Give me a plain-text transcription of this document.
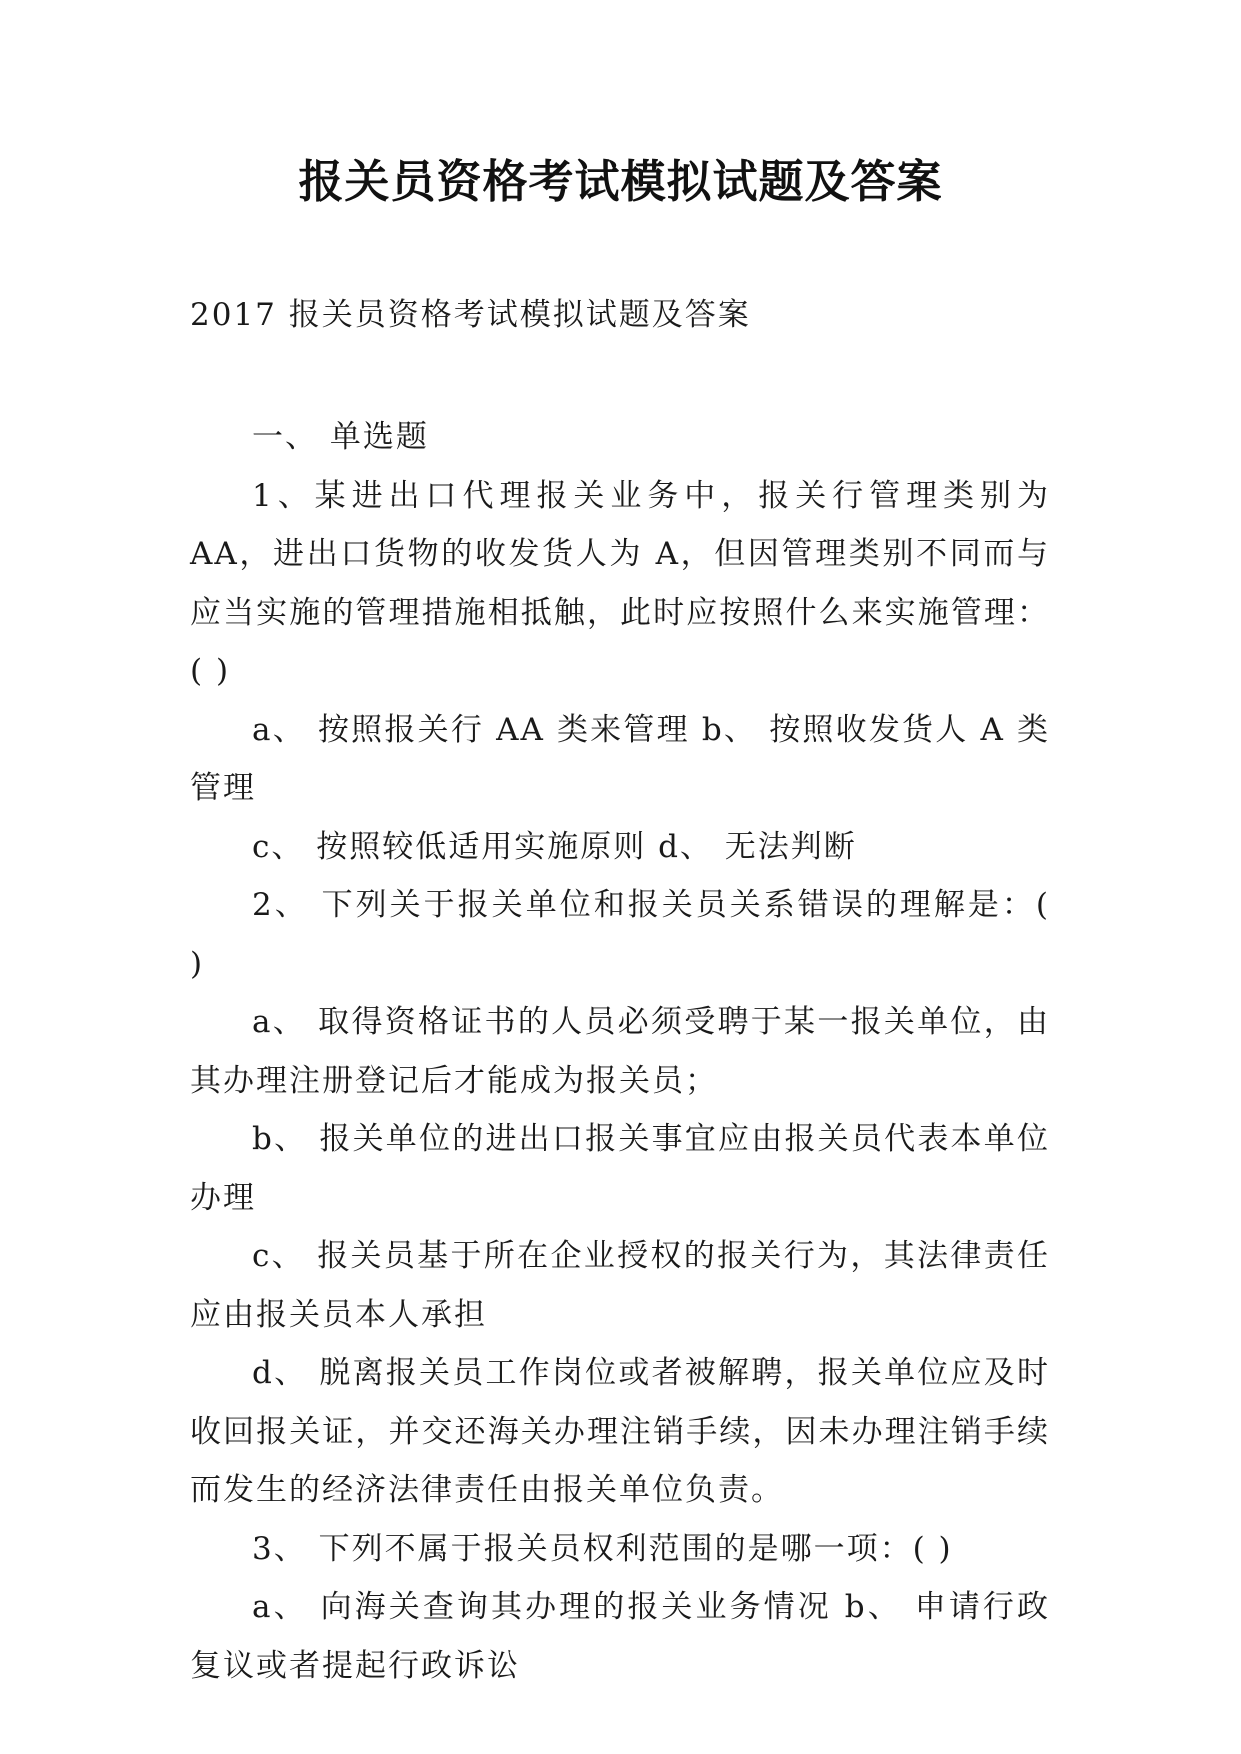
报关员资格考试模拟试题及答案
2017 报关员资格考试模拟试题及答案

一、 单选题

1、某进出口代理报关业务中，报关行管理类别为 AA，进出口货物的收发货人为 A，但因管理类别不同而与应当实施的管理措施相抵触，此时应按照什么来实施管理：( )

a、 按照报关行 AA 类来管理 b、 按照收发货人 A 类管理

c、 按照较低适用实施原则 d、 无法判断

2、 下列关于报关单位和报关员关系错误的理解是：( )

a、 取得资格证书的人员必须受聘于某一报关单位，由其办理注册登记后才能成为报关员；

b、 报关单位的进出口报关事宜应由报关员代表本单位办理

c、 报关员基于所在企业授权的报关行为，其法律责任应由报关员本人承担

d、 脱离报关员工作岗位或者被解聘，报关单位应及时收回报关证，并交还海关办理注销手续，因未办理注销手续而发生的经济法律责任由报关单位负责。

3、 下列不属于报关员权利范围的是哪一项：( )

a、 向海关查询其办理的报关业务情况 b、 申请行政复议或者提起行政诉讼
